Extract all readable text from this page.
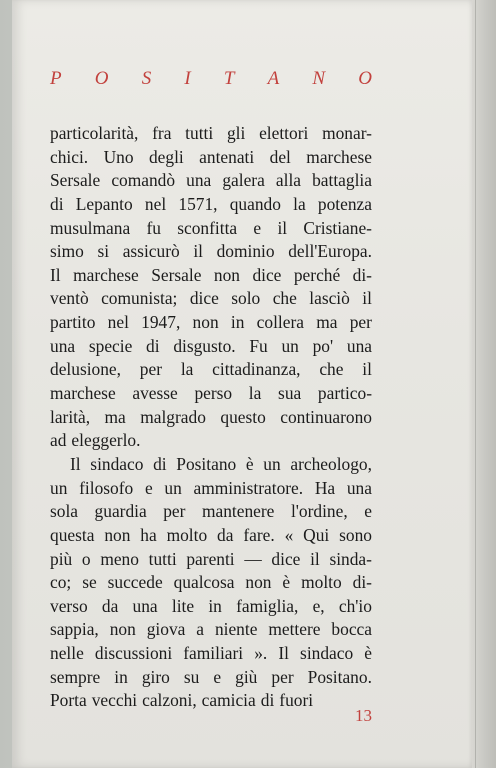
P O S I T A N O
particolarità, fra tutti gli elettori monar-
chici. Uno degli antenati del marchese
Sersale comandò una galera alla battaglia
di Lepanto nel 1571, quando la potenza
musulmana fu sconfitta e il Cristiane-
simo si assicurò il dominio dell'Europa.
Il marchese Sersale non dice perché di-
ventò comunista; dice solo che lasciò il
partito nel 1947, non in collera ma per
una specie di disgusto. Fu un po' una
delusione, per la cittadinanza, che il
marchese avesse perso la sua partico-
larità, ma malgrado questo continuarono
ad eleggerlo.
Il sindaco di Positano è un archeologo,
un filosofo e un amministratore. Ha una
sola guardia per mantenere l'ordine, e
questa non ha molto da fare. « Qui sono
più o meno tutti parenti — dice il sinda-
co; se succede qualcosa non è molto di-
verso da una lite in famiglia, e, ch'io
sappia, non giova a niente mettere bocca
nelle discussioni familiari ». Il sindaco è
sempre in giro su e giù per Positano.
Porta vecchi calzoni, camicia di fuori
13
